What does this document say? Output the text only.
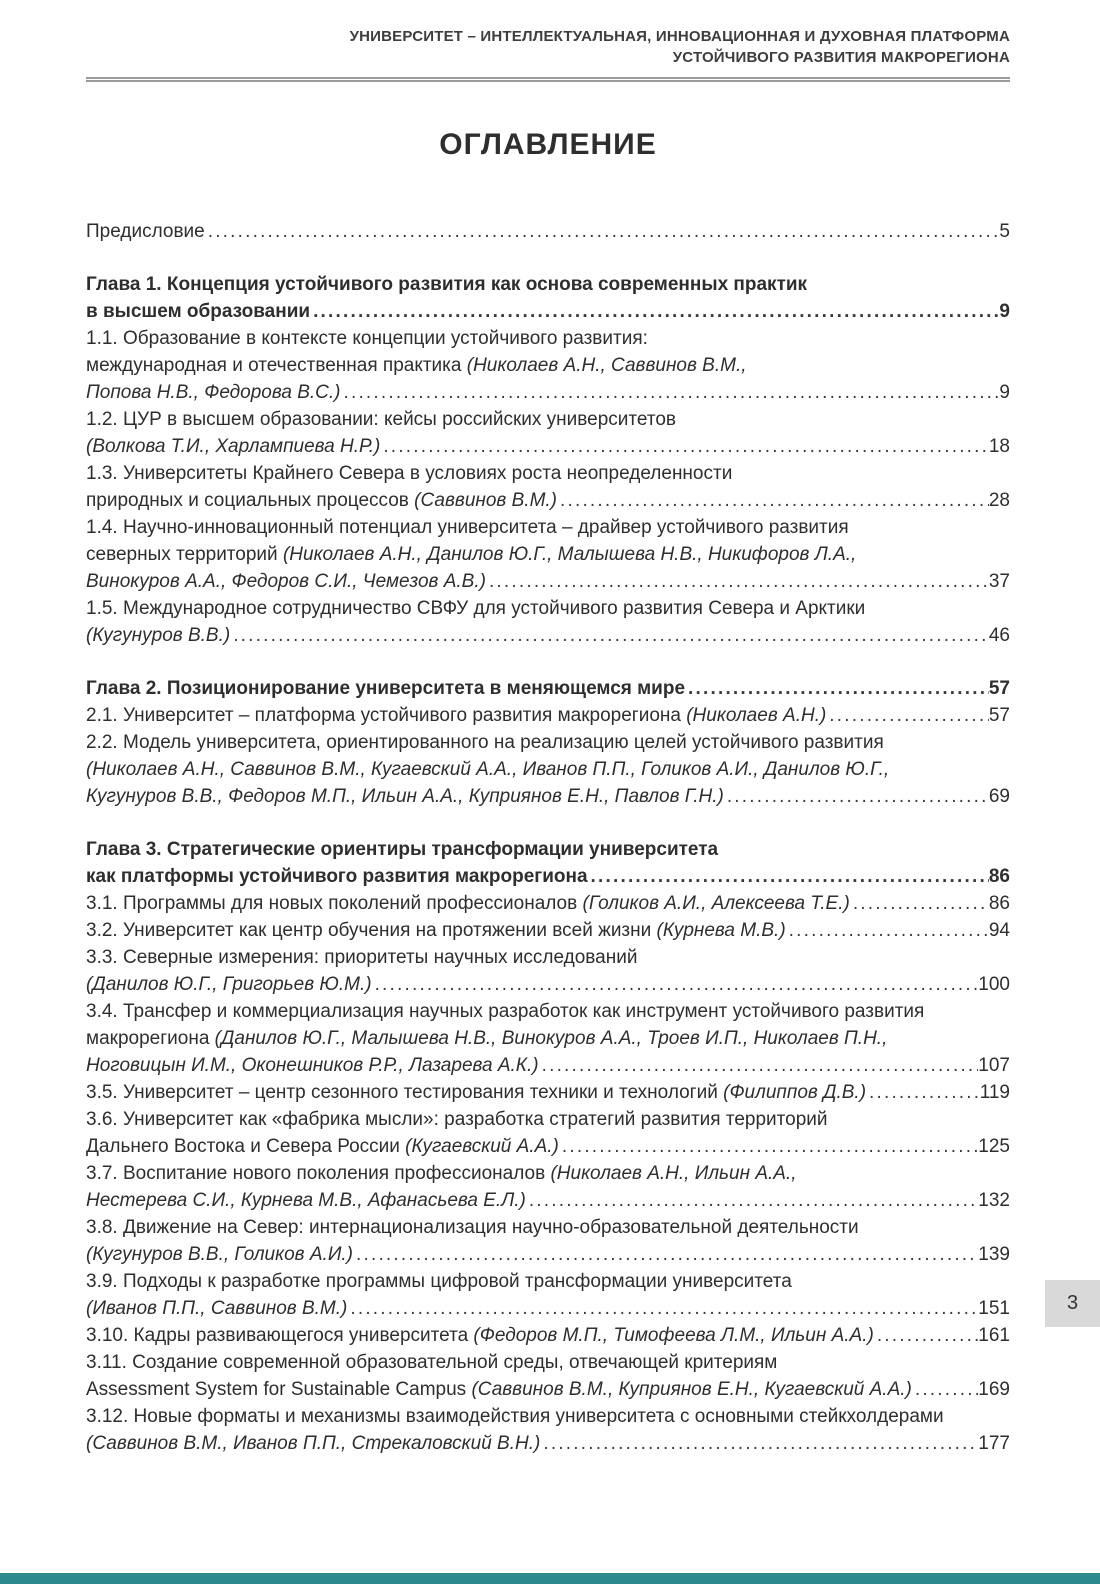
УНИВЕРСИТЕТ – ИНТЕЛЛЕКТУАЛЬНАЯ, ИННОВАЦИОННАЯ И ДУХОВНАЯ ПЛАТФОРМА
УСТОЙЧИВОГО РАЗВИТИЯ МАКРОРЕГИОНА
ОГЛАВЛЕНИЕ
Предисловие .....	5
Глава 1. Концепция устойчивого развития как основа современных практик
в высшем образовании .....	9
1.1. Образование в контексте концепции устойчивого развития:
международная и отечественная практика (Николаев А.Н., Саввинов В.М.,
Попова Н.В., Федорова В.С.) .....	9
1.2. ЦУР в высшем образовании: кейсы российских университетов
(Волкова Т.И., Харлампиева Н.Р.) .....	18
1.3. Университеты Крайнего Севера в условиях роста неопределенности
природных и социальных процессов (Саввинов В.М.) .....	28
1.4. Научно-инновационный потенциал университета – драйвер устойчивого развития
северных территорий (Николаев А.Н., Данилов Ю.Г., Малышева Н.В., Никифоров Л.А.,
Винокуров А.А., Федоров С.И., Чемезов А.В.) .....	37
1.5. Международное сотрудничество СВФУ для устойчивого развития Севера и Арктики
(Кугунуров В.В.) .....	46
Глава 2. Позиционирование университета в меняющемся мире .....	57
2.1. Университет – платформа устойчивого развития макрорегиона (Николаев А.Н.) .....	57
2.2. Модель университета, ориентированного на реализацию целей устойчивого развития
(Николаев А.Н., Саввинов В.М., Кугаевский А.А., Иванов П.П., Голиков А.И., Данилов Ю.Г.,
Кугунуров В.В., Федоров М.П., Ильин А.А., Куприянов Е.Н., Павлов Г.Н.) .....	69
Глава 3. Стратегические ориентиры трансформации университета
как платформы устойчивого развития макрорегиона .....	86
3.1. Программы для новых поколений профессионалов (Голиков А.И., Алексеева Т.Е.) .....	86
3.2. Университет как центр обучения на протяжении всей жизни (Курнева М.В.) .....	94
3.3. Северные измерения: приоритеты научных исследований
(Данилов Ю.Г., Григорьев Ю.М.) .....	100
3.4. Трансфер и коммерциализация научных разработок как инструмент устойчивого развития
макрорегиона (Данилов Ю.Г., Малышева Н.В., Винокуров А.А., Троев И.П., Николаев П.Н.,
Ноговицын И.М., Оконешников Р.Р., Лазарева А.К.) .....	107
3.5. Университет – центр сезонного тестирования техники и технологий (Филиппов Д.В.) .....	119
3.6. Университет как «фабрика мысли»: разработка стратегий развития территорий
Дальнего Востока и Севера России (Кугаевский А.А.) .....	125
3.7. Воспитание нового поколения профессионалов (Николаев А.Н., Ильин А.А.,
Нестерева С.И., Курнева М.В., Афанасьева Е.Л.) .....	132
3.8. Движение на Север: интернационализация научно-образовательной деятельности
(Кугунуров В.В., Голиков А.И.) .....	139
3.9. Подходы к разработке программы цифровой трансформации университета
(Иванов П.П., Саввинов В.М.) .....	151
3.10. Кадры развивающегося университета (Федоров М.П., Тимофеева Л.М., Ильин А.А.) .....	161
3.11. Создание современной образовательной среды, отвечающей критериям
Assessment System for Sustainable Campus (Саввинов В.М., Куприянов Е.Н., Кугаевский А.А.) .....	169
3.12. Новые форматы и механизмы взаимодействия университета с основными стейкхолдерами
(Саввинов В.М., Иванов П.П., Стрекаловский В.Н.) .....	177
3
